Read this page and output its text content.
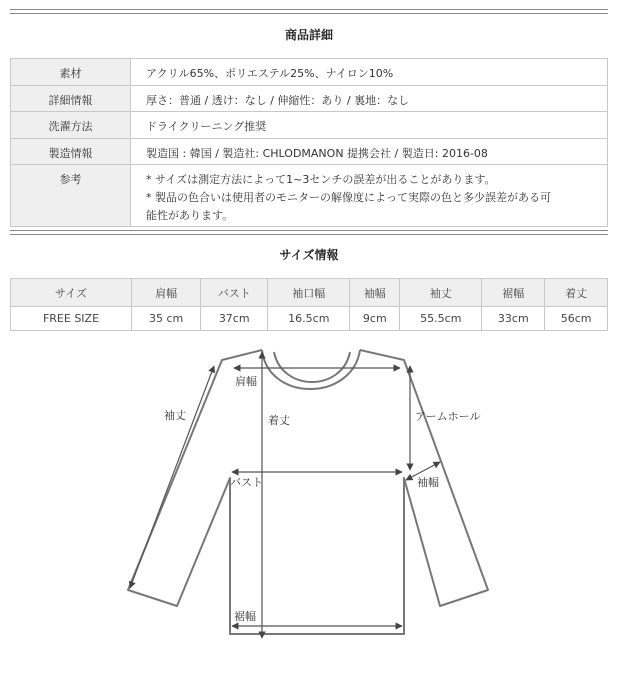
商品詳細
素材	アクリル65%、ポリエステル25%、ナイロン10%
詳細情報	厚さ：普通 / 透け：なし / 伸縮性：あり / 裏地：なし
洗濯方法	ドライクリーニング推奨
製造情報	製造国 : 韓国 / 製造社: CHLODMANON 提携会社 / 製造日: 2016-08
参考	* サイズは測定方法によって1~3センチの誤差が出ることがあります。
* 製品の色合いは使用者のモニターの解像度によって実際の色と多少誤差がある可
能性があります。
サイズ情報
サイズ	肩幅	バスト	袖口幅	袖幅	袖丈	裾幅	着丈
FREE SIZE	35 cm	37cm	16.5cm	9cm	55.5cm	33cm	56cm
袖丈
肩幅
着丈	アームホール
バスト	袖幅
裾幅
